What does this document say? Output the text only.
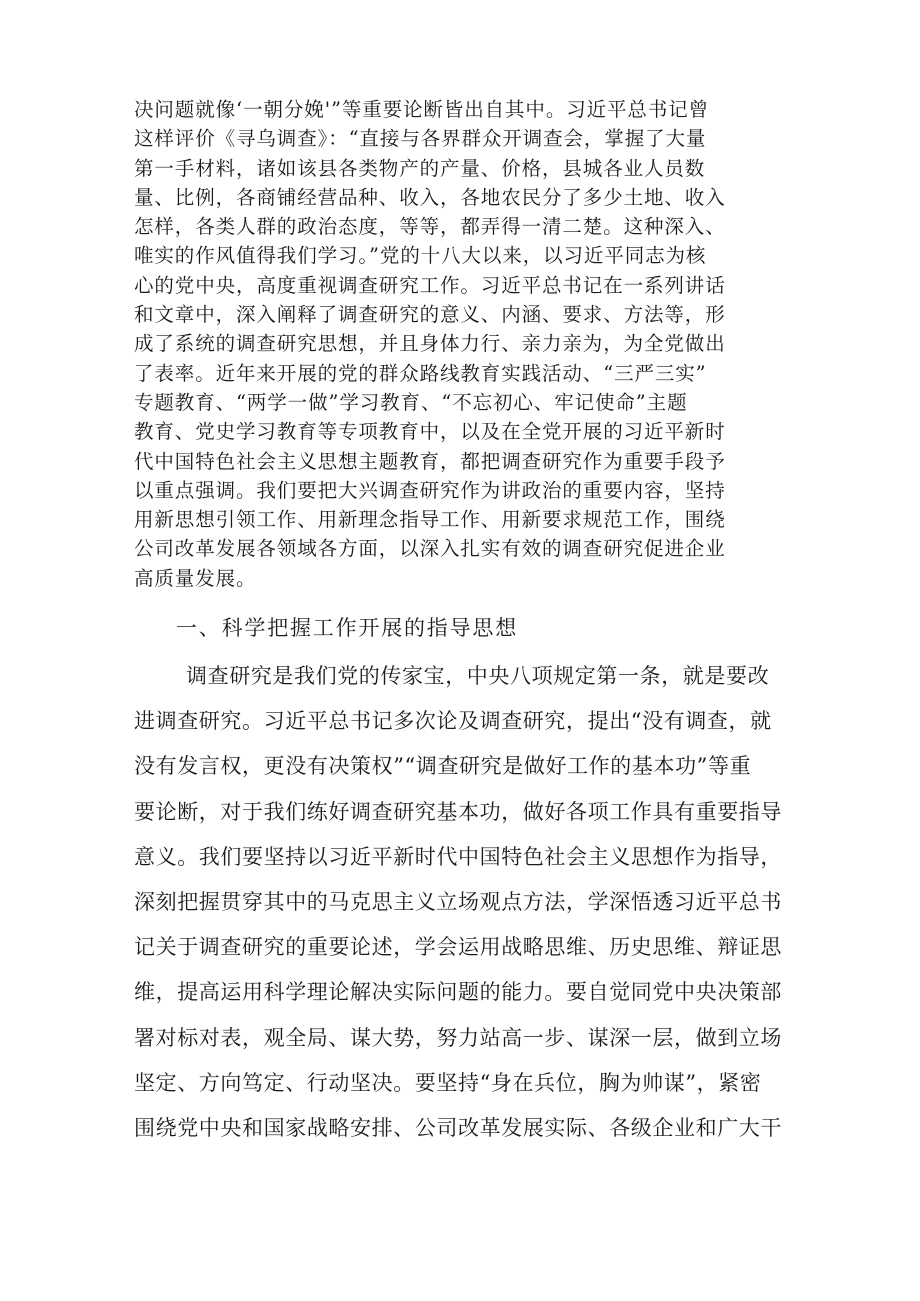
决问题就像‘一朝分娩'”等重要论断皆出自其中。习近平总书记曾
这样评价《寻乌调查》：“直接与各界群众开调查会，掌握了大量
第一手材料，诸如该县各类物产的产量、价格，县城各业人员数
量、比例，各商铺经营品种、收入，各地农民分了多少土地、收入
怎样，各类人群的政治态度，等等，都弄得一清二楚。这种深入、
唯实的作风值得我们学习。”党的十八大以来，以习近平同志为核
心的党中央，高度重视调查研究工作。习近平总书记在一系列讲话
和文章中，深入阐释了调查研究的意义、内涵、要求、方法等，形
成了系统的调查研究思想，并且身体力行、亲力亲为，为全党做出
了表率。近年来开展的党的群众路线教育实践活动、“三严三实”
专题教育、“两学一做”学习教育、“不忘初心、牢记使命”主题
教育、党史学习教育等专项教育中，以及在全党开展的习近平新时
代中国特色社会主义思想主题教育，都把调查研究作为重要手段予
以重点强调。我们要把大兴调查研究作为讲政治的重要内容，坚持
用新思想引领工作、用新理念指导工作、用新要求规范工作，围绕
公司改革发展各领域各方面，以深入扎实有效的调查研究促进企业
高质量发展。
一、科学把握工作开展的指导思想
调查研究是我们党的传家宝，中央八项规定第一条，就是要改
进调查研究。习近平总书记多次论及调查研究，提出“没有调查，就
没有发言权，更没有决策权”“调查研究是做好工作的基本功”等重
要论断，对于我们练好调查研究基本功，做好各项工作具有重要指导
意义。我们要坚持以习近平新时代中国特色社会主义思想作为指导，
深刻把握贯穿其中的马克思主义立场观点方法，学深悟透习近平总书
记关于调查研究的重要论述，学会运用战略思维、历史思维、辩证思
维，提高运用科学理论解决实际问题的能力。要自觉同党中央决策部
署对标对表，观全局、谋大势，努力站高一步、谋深一层，做到立场
坚定、方向笃定、行动坚决。要坚持“身在兵位，胸为帅谋”，紧密
围绕党中央和国家战略安排、公司改革发展实际、各级企业和广大干
